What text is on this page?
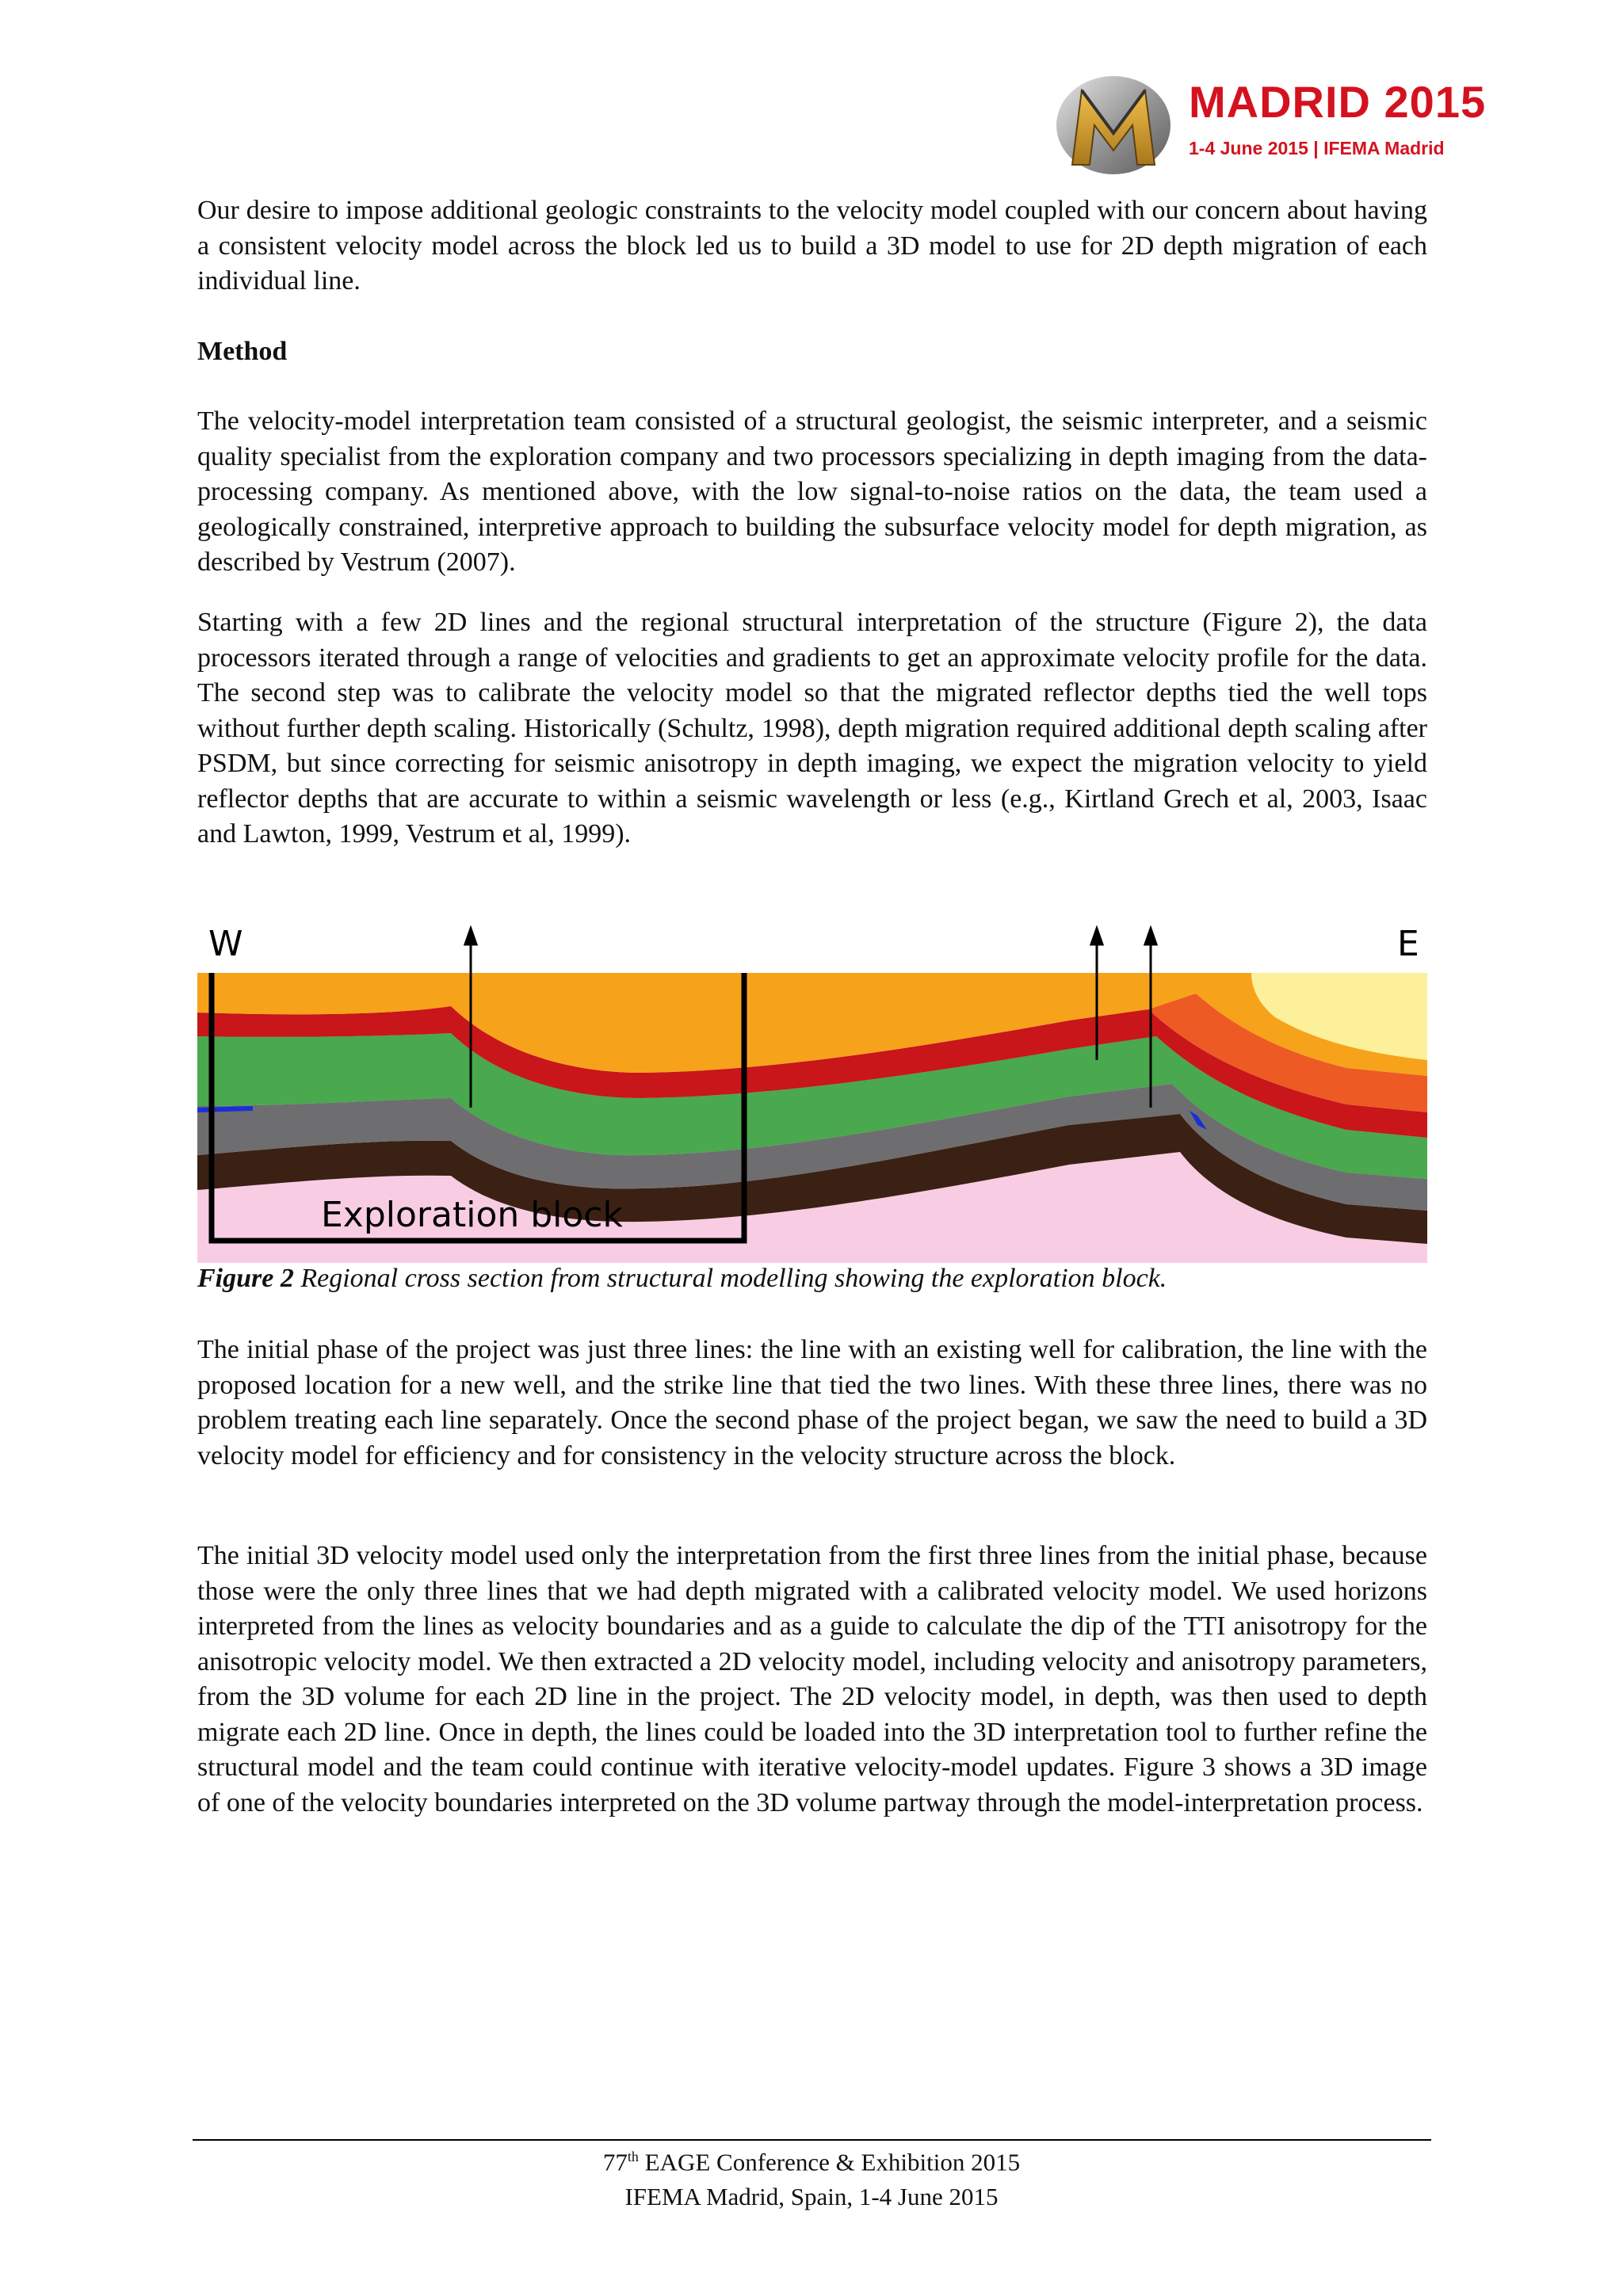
MADRID 2015
1-4 June 2015 | IFEMA Madrid

Our desire to impose additional geologic constraints to the velocity model coupled with our concern about having a consistent velocity model across the block led us to build a 3D model to use for 2D depth migration of each individual line.

Method

The velocity-model interpretation team consisted of a structural geologist, the seismic interpreter, and a seismic quality specialist from the exploration company and two processors specializing in depth imaging from the data-processing company. As mentioned above, with the low signal-to-noise ratios on the data, the team used a geologically constrained, interpretive approach to building the subsurface velocity model for depth migration, as described by Vestrum (2007).

Starting with a few 2D lines and the regional structural interpretation of the structure (Figure 2), the data processors iterated through a range of velocities and gradients to get an approximate velocity profile for the data. The second step was to calibrate the velocity model so that the migrated reflector depths tied the well tops without further depth scaling. Historically (Schultz, 1998), depth migration required additional depth scaling after PSDM, but since correcting for seismic anisotropy in depth imaging, we expect the migration velocity to yield reflector depths that are accurate to within a seismic wavelength or less (e.g., Kirtland Grech et al, 2003, Isaac and Lawton, 1999, Vestrum et al, 1999).

W	E
Exploration block

Figure 2 Regional cross section from structural modelling showing the exploration block.

The initial phase of the project was just three lines: the line with an existing well for calibration, the line with the proposed location for a new well, and the strike line that tied the two lines. With these three lines, there was no problem treating each line separately. Once the second phase of the project began, we saw the need to build a 3D velocity model for efficiency and for consistency in the velocity structure across the block.

The initial 3D velocity model used only the interpretation from the first three lines from the initial phase, because those were the only three lines that we had depth migrated with a calibrated velocity model. We used horizons interpreted from the lines as velocity boundaries and as a guide to calculate the dip of the TTI anisotropy for the anisotropic velocity model. We then extracted a 2D velocity model, including velocity and anisotropy parameters, from the 3D volume for each 2D line in the project. The 2D velocity model, in depth, was then used to depth migrate each 2D line. Once in depth, the lines could be loaded into the 3D interpretation tool to further refine the structural model and the team could continue with iterative velocity-model updates. Figure 3 shows a 3D image of one of the velocity boundaries interpreted on the 3D volume partway through the model-interpretation process.

77th EAGE Conference & Exhibition 2015
IFEMA Madrid, Spain, 1-4 June 2015
